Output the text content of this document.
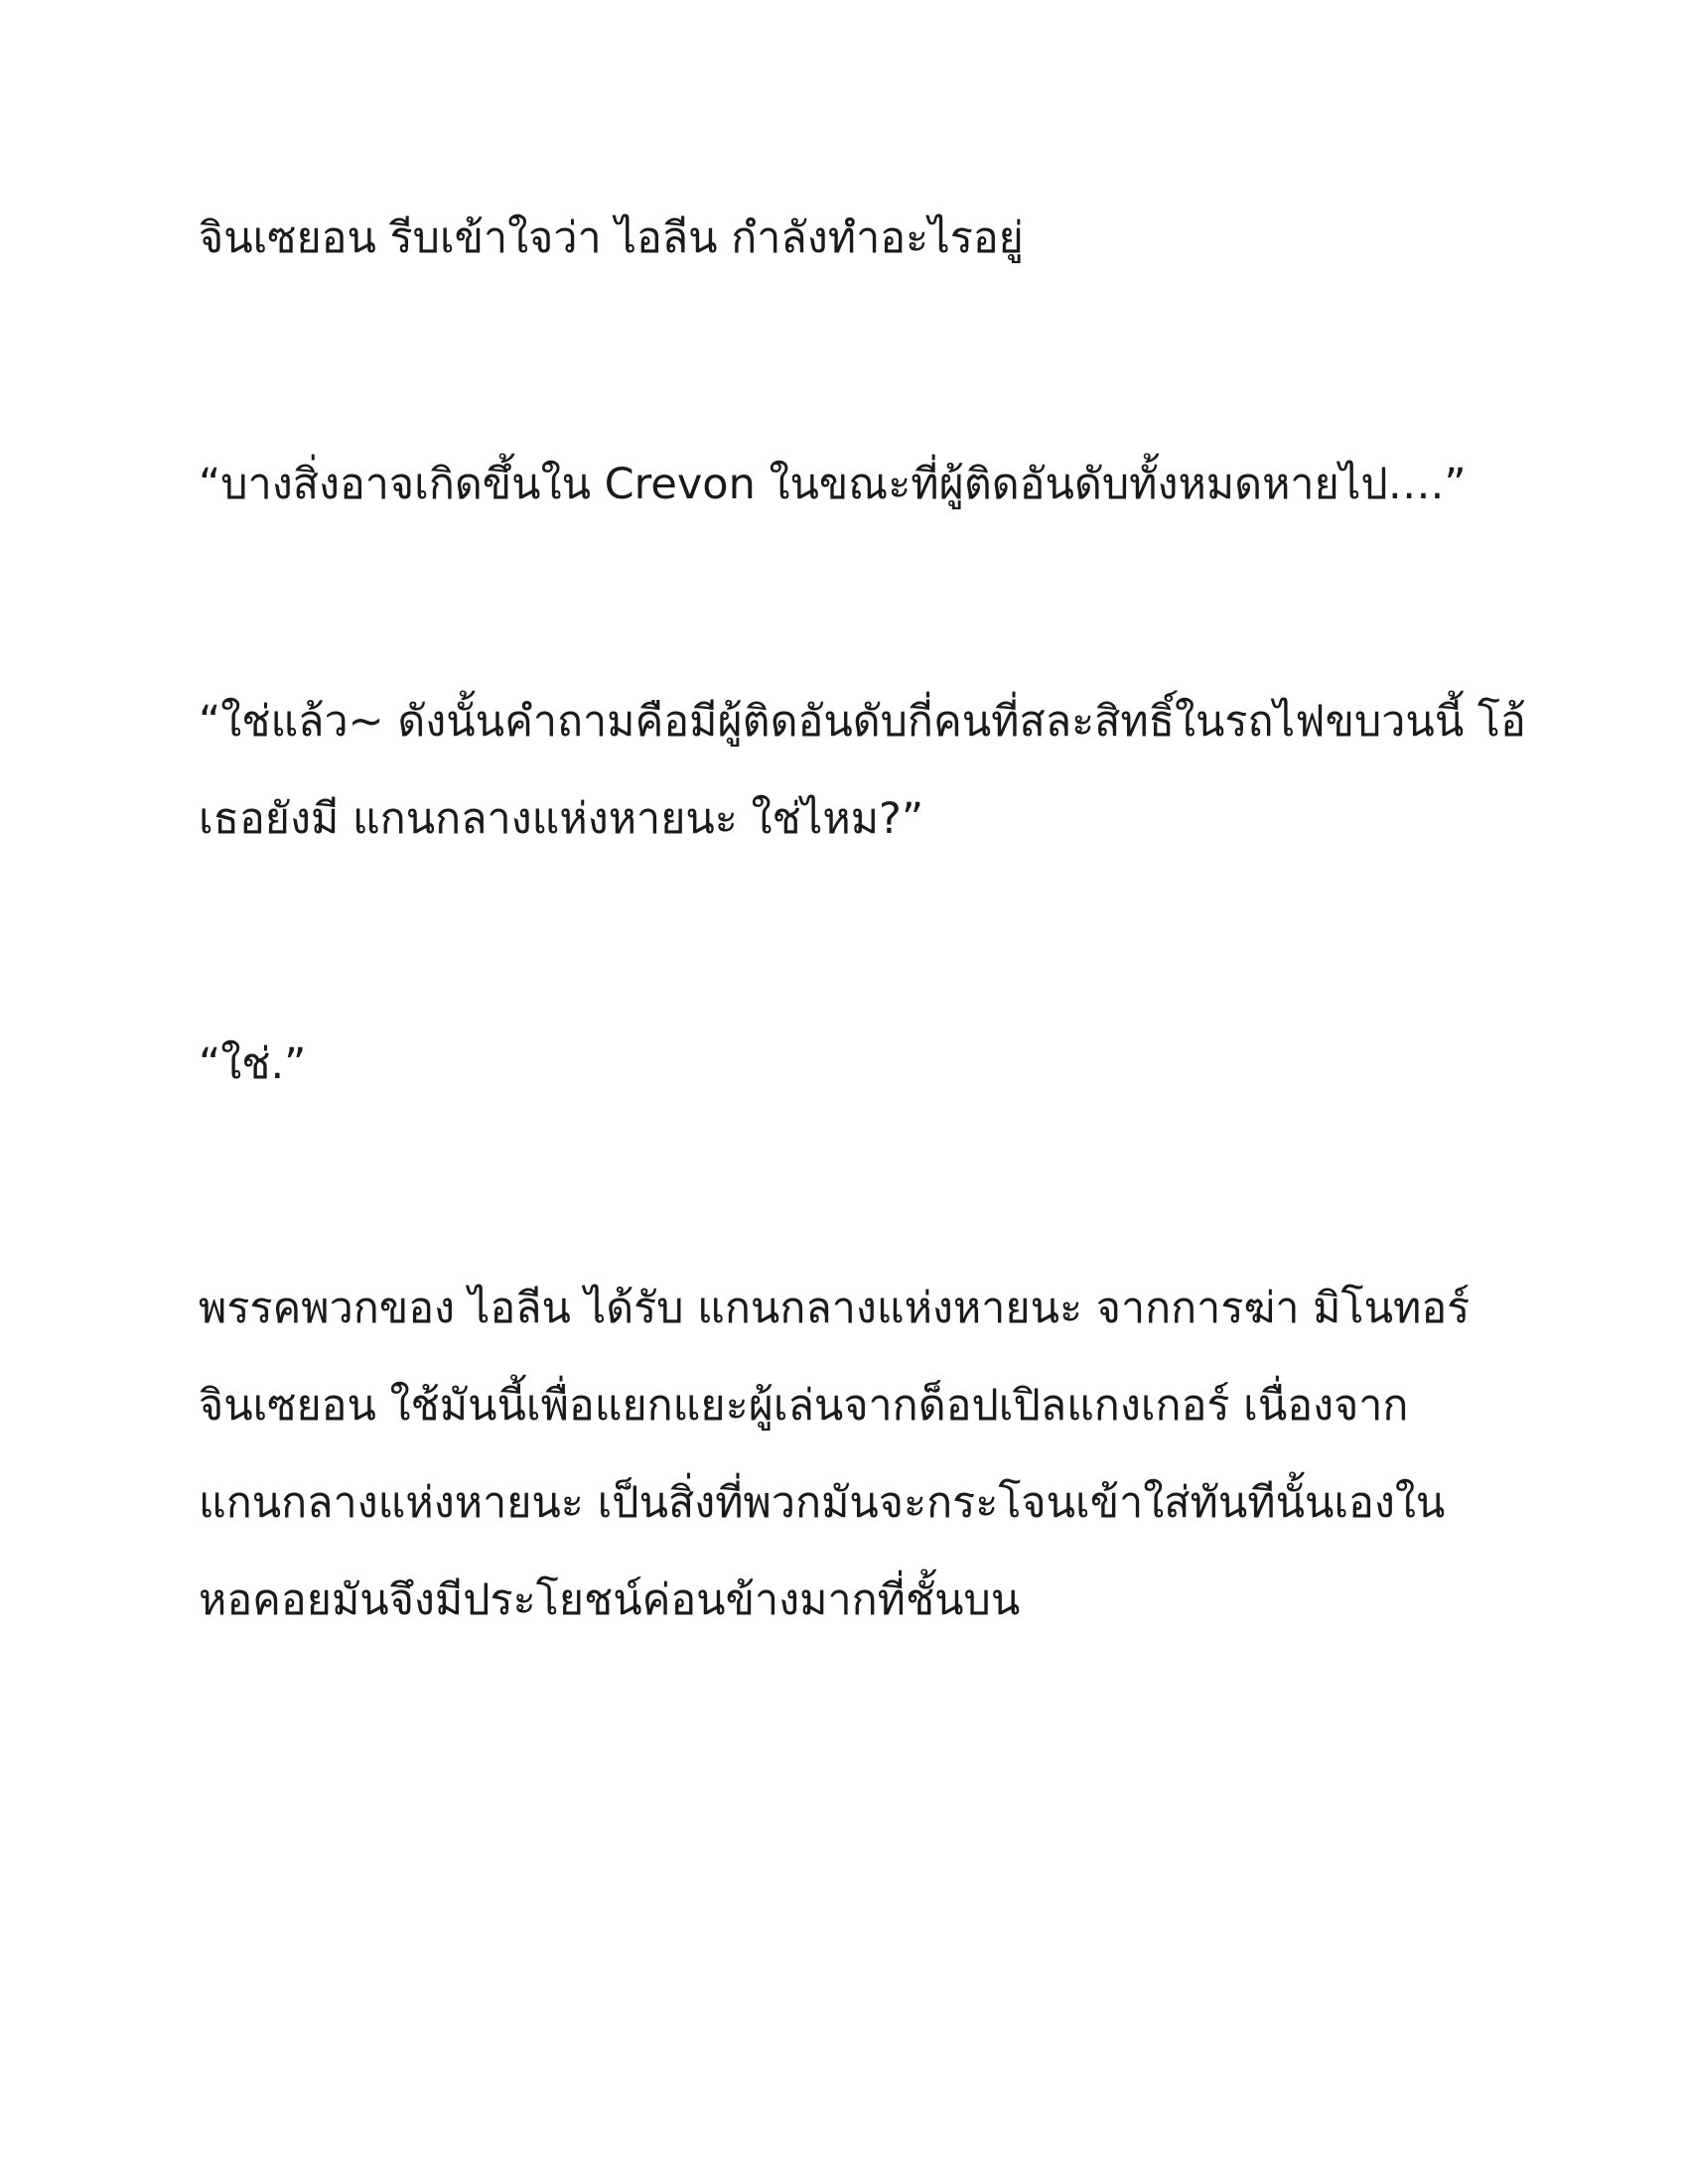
จินเซยอน รีบเข้าใจว่า ไอลีน กำลังทำอะไรอยู่
“บางสิ่งอาจเกิดขึ้นใน Crevon ในขณะที่ผู้ติดอันดับทั้งหมดหายไป….”
“ใช่แล้ว~ ดังนั้นคำถามคือมีผู้ติดอันดับกี่คนที่สละสิทธิ์ในรถไฟขบวนนี้ โอ้
เธอยังมี แกนกลางแห่งหายนะ ใช่ไหม?”
“ใช่.”
พรรคพวกของ ไอลีน ได้รับ แกนกลางแห่งหายนะ จากการฆ่า มิโนทอร์
จินเซยอน ใช้มันนี้เพื่อแยกแยะผู้เล่นจากด็อปเปิลแกงเกอร์ เนื่องจาก
แกนกลางแห่งหายนะ เป็นสิ่งที่พวกมันจะกระโจนเข้าใส่ทันทีนั้นเองใน
หอคอยมันจึงมีประโยชน์ค่อนข้างมากที่ชั้นบน
